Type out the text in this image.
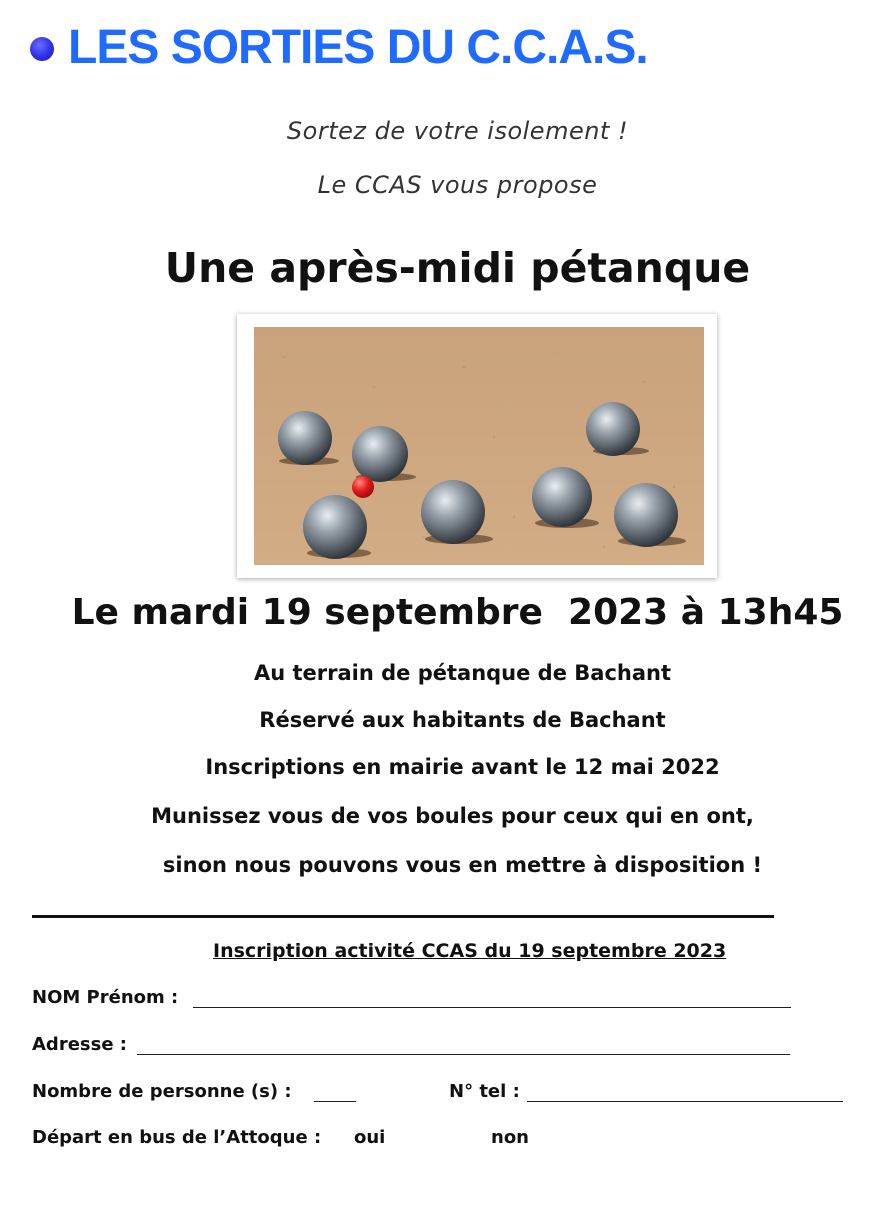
LES SORTIES DU C.C.A.S.
Sortez de votre isolement !
Le CCAS vous propose
Une après-midi pétanque
Le mardi 19 septembre  2023 à 13h45
Au terrain de pétanque de Bachant
Réservé aux habitants de Bachant
Inscriptions en mairie avant le 12 mai 2022
Munissez vous de vos boules pour ceux qui en ont,
sinon nous pouvons vous en mettre à disposition !
Inscription activité CCAS du 19 septembre 2023
NOM Prénom :
Adresse :
Nombre de personne (s) :	N° tel :
Départ en bus de l’Attoque : oui	non
